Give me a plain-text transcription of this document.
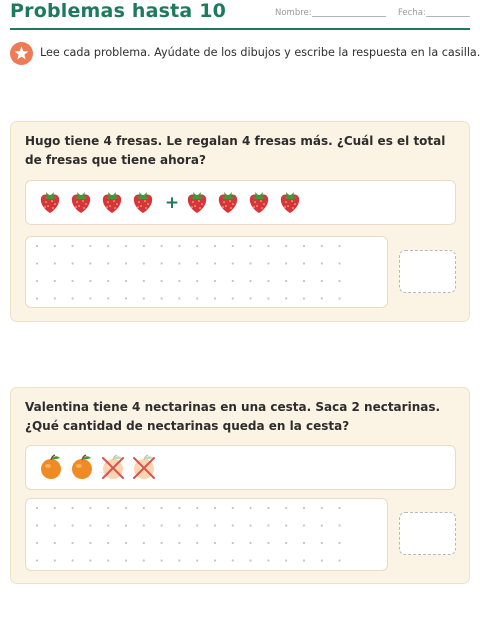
Problemas hasta 10	Nombre:	Fecha:
Lee cada problema. Ayúdate de los dibujos y escribe la respuesta en la casilla.
Hugo tiene 4 fresas. Le regalan 4 fresas más. ¿Cuál es el total de fresas que tiene ahora?
+
Valentina tiene 4 nectarinas en una cesta. Saca 2 nectarinas. ¿Qué cantidad de nectarinas queda en la cesta?
